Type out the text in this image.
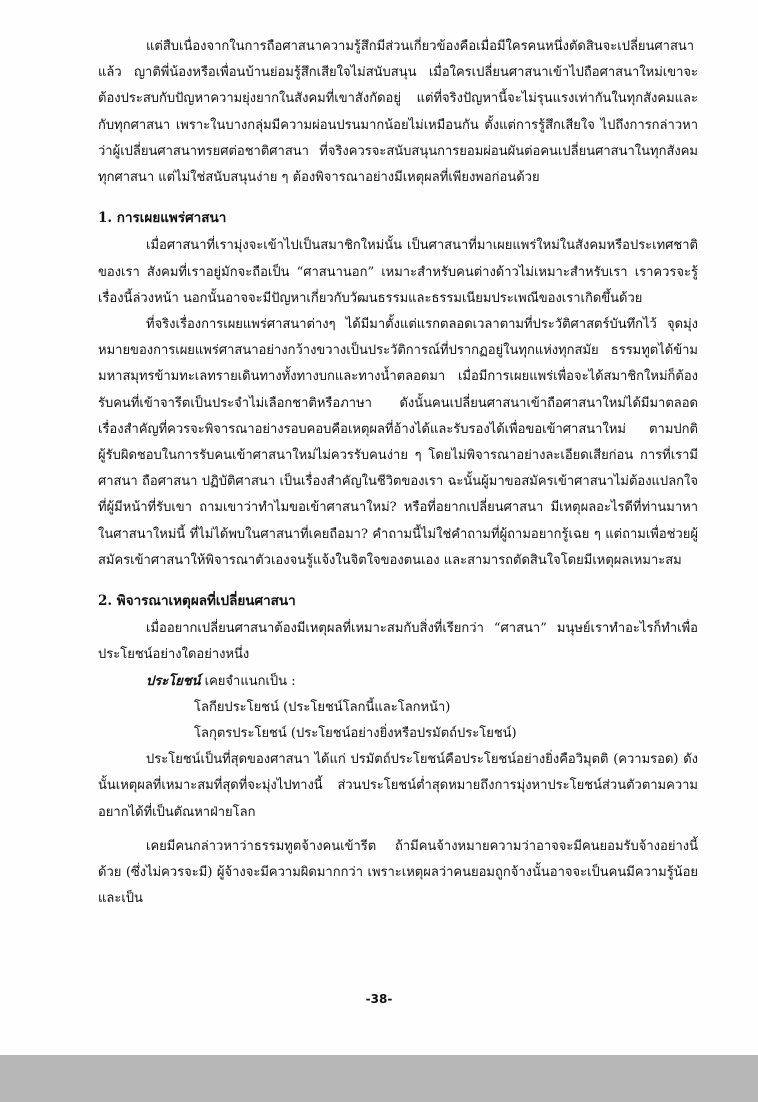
แต่สืบเนื่องจากในการถือศาสนาความรู้สึกมีส่วนเกี่ยวข้องคือเมื่อมีใครคนหนึ่งตัดสินจะเปลี่ยนศาสนาแล้ว ญาติพี่น้องหรือเพื่อนบ้านย่อมรู้สึกเสียใจไม่สนับสนุน เมื่อใครเปลี่ยนศาสนาเข้าไปถือศาสนาใหม่เขาจะต้องประสบกับปัญหาความยุ่งยากในสังคมที่เขาสังกัดอยู่ แต่ที่จริงปัญหานี้จะไม่รุนแรงเท่ากันในทุกสังคมและกับทุกศาสนา เพราะในบางกลุ่มมีความผ่อนปรนมากน้อยไม่เหมือนกัน ตั้งแต่การรู้สึกเสียใจ ไปถึงการกล่าวหาว่าผู้เปลี่ยนศาสนาทรยศต่อชาติศาสนา ที่จริงควรจะสนับสนุนการยอมผ่อนผันต่อคนเปลี่ยนศาสนาในทุกสังคม ทุกศาสนา แต่ไม่ใช่สนับสนุนง่าย ๆ ต้องพิจารณาอย่างมีเหตุผลที่เพียงพอก่อนด้วย

1. การเผยแพร่ศาสนา

เมื่อศาสนาที่เรามุ่งจะเข้าไปเป็นสมาชิกใหม่นั้น เป็นศาสนาที่มาเผยแพร่ใหม่ในสังคมหรือประเทศชาติของเรา สังคมที่เราอยู่มักจะถือเป็น “ศาสนานอก” เหมาะสำหรับคนต่างด้าวไม่เหมาะสำหรับเรา เราควรจะรู้เรื่องนี้ล่วงหน้า นอกนั้นอาจจะมีปัญหาเกี่ยวกับวัฒนธรรมและธรรมเนียมประเพณีของเราเกิดขึ้นด้วย

ที่จริงเรื่องการเผยแพร่ศาสนาต่างๆ ได้มีมาตั้งแต่แรกตลอดเวลาตามที่ประวัติศาสตร์บันทึกไว้ จุดมุ่งหมายของการเผยแพร่ศาสนาอย่างกว้างขวางเป็นประวัติการณ์ที่ปรากฏอยู่ในทุกแห่งทุกสมัย ธรรมทูตได้ข้ามมหาสมุทรข้ามทะเลทรายเดินทางทั้งทางบกและทางน้ำตลอดมา เมื่อมีการเผยแพร่เพื่อจะได้สมาชิกใหม่ก็ต้องรับคนที่เข้าจารีตเป็นประจำไม่เลือกชาติหรือภาษา ดังนั้นคนเปลี่ยนศาสนาเข้าถือศาสนาใหม่ได้มีมาตลอด เรื่องสำคัญที่ควรจะพิจารณาอย่างรอบคอบคือเหตุผลที่อ้างได้และรับรองได้เพื่อขอเข้าศาสนาใหม่ ตามปกติผู้รับผิดชอบในการรับคนเข้าศาสนาใหม่ไม่ควรรับคนง่าย ๆ โดยไม่พิจารณาอย่างละเอียดเสียก่อน การที่เรามีศาสนา ถือศาสนา ปฏิบัติศาสนา เป็นเรื่องสำคัญในชีวิตของเรา ฉะนั้นผู้มาขอสมัครเข้าศาสนาไม่ต้องแปลกใจที่ผู้มีหน้าที่รับเขา ถามเขาว่าทำไมขอเข้าศาสนาใหม่? หรือที่อยากเปลี่ยนศาสนา มีเหตุผลอะไรดีที่ท่านมาหาในศาสนาใหม่นี้ ที่ไม่ได้พบในศาสนาที่เคยถือมา? คำถามนี้ไม่ใช่คำถามที่ผู้ถามอยากรู้เฉย ๆ แต่ถามเพื่อช่วยผู้สมัครเข้าศาสนาให้พิจารณาตัวเองจนรู้แจ้งในจิตใจของตนเอง และสามารถตัดสินใจโดยมีเหตุผลเหมาะสม

2. พิจารณาเหตุผลที่เปลี่ยนศาสนา

เมื่ออยากเปลี่ยนศาสนาต้องมีเหตุผลที่เหมาะสมกับสิ่งที่เรียกว่า “ศาสนา” มนุษย์เราทำอะไรก็ทำเพื่อประโยชน์อย่างใดอย่างหนึ่ง

ประโยชน์ เคยจำแนกเป็น :

โลกียประโยชน์ (ประโยชน์โลกนี้และโลกหน้า)

โลกุตรประโยชน์ (ประโยชน์อย่างยิ่งหรือปรมัตถ์ประโยชน์)

ประโยชน์เป็นที่สุดของศาสนา ได้แก่ ปรมัตถ์ประโยชน์คือประโยชน์อย่างยิ่งคือวิมุตติ (ความรอด) ดังนั้นเหตุผลที่เหมาะสมที่สุดที่จะมุ่งไปทางนี้ ส่วนประโยชน์ต่ำสุดหมายถึงการมุ่งหาประโยชน์ส่วนตัวตามความอยากได้ที่เป็นตัณหาฝ่ายโลก

เคยมีคนกล่าวหาว่าธรรมทูตจ้างคนเข้ารีต ถ้ามีคนจ้างหมายความว่าอาจจะมีคนยอมรับจ้างอย่างนี้ด้วย (ซึ่งไม่ควรจะมี) ผู้จ้างจะมีความผิดมากกว่า เพราะเหตุผลว่าคนยอมถูกจ้างนั้นอาจจะเป็นคนมีความรู้น้อย และเป็น

-38-
